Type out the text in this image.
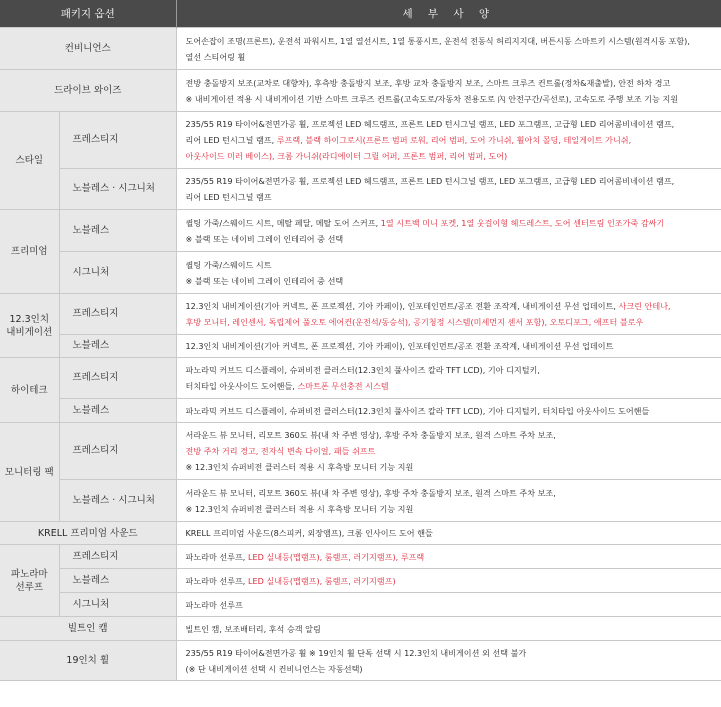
패키지 옵션		세 부 사 양
컨비니언스		도어손잡이 조명(프론트), 운전석 파워시트, 1열 열선시트, 1열 통풍시트, 운전석 전동식 허리지지대, 버튼시동 스마트키 시스템(원격시동 포함),
열선 스티어링 휠

드라이브 와이즈		전방 충돌방지 보조(교차로 대향차), 후측방 충돌방지 보조, 후방 교차 충돌방지 보조, 스마트 크루즈 컨트롤(정차&재출발), 안전 하차 경고
※ 내비게이션 적용 시 내비게이션 기반 스마트 크루즈 컨트롤(고속도로/자동차 전용도로 內 안전구간/곡선로), 고속도로 주행 보조 기능 지원

스타일	프레스티지	235/55 R19 타이어&전면가공 휠, 프로젝션 LED 헤드램프, 프론트 LED 턴시그널 램프, LED 포그램프, 고급형 LED 리어콤비네이션 램프,
리어 LED 턴시그널 램프, 루프랙, 블랙 하이그로시(프론트 범퍼 로워, 리어 범퍼, 도어 가니쉬, 휠아치 몰딩, 테일게이트 가니쉬,
아웃사이드 미러 베이스), 크롬 가니쉬(라디에이터 그릴 어퍼, 프론트 범퍼, 리어 범퍼, 도어)

	노블레스 · 시그니처	235/55 R19 타이어&전면가공 휠, 프로젝션 LED 헤드램프, 프론트 LED 턴시그널 램프, LED 포그램프, 고급형 LED 리어콤비네이션 램프,
리어 LED 턴시그널 램프

프리미엄	노블레스	퀼팅 가죽/스웨이드 시트, 메탈 페달, 메탈 도어 스커프, 1열 시트백 미니 포켓, 1열 웃걸이형 헤드레스트, 도어 센터트림 인조가죽 감싸기
※ 블랙 또는 네이비 그레이 인테리어 중 선택

	시그니처	퀼팅 가죽/스웨이드 시트
※ 블랙 또는 네이비 그레이 인테리어 중 선택

12.3인치
내비게이션	프레스티지	12.3인치 내비게이션(기아 커넥트, 폰 프로젝션, 기아 카페이), 인포테인먼트/공조 전환 조작계, 내비게이션 무선 업데이트, 사크린 안테나,
후방 모니터, 레인센서, 독립제어 풀오토 에어컨(운전석/동승석), 공기청정 시스템(미세먼지 센서 포함), 오토디포그, 애프터 블로우

	노블레스	12.3인치 내비게이션(기아 커넥트, 폰 프로젝션, 기아 카페이), 인포테인먼트/공조 전환 조작계, 내비게이션 무선 업데이트

하이테크	프레스티지	파노라믹 커브드 디스플레이, 슈퍼비전 클러스터(12.3인치 풀사이즈 칼라 TFT LCD), 기아 디지털키,
터치타입 아웃사이드 도어핸들, 스마트폰 무선충전 시스템

	노블레스	파노라믹 커브드 디스플레이, 슈퍼비전 클러스터(12.3인치 풀사이즈 칼라 TFT LCD), 기아 디지털키, 터치타입 아웃사이드 도어핸들

모니터링 팩	프레스티지	서라운드 뷰 모니터, 리모트 360도 뷰(내 차 주변 영상), 후방 주차 충돌방지 보조, 원격 스마트 주차 보조,
전방 주차 거리 경고, 전자식 변속 다이얼, 패들 쉬프트
※ 12.3인치 슈퍼비전 클러스터 적용 시 후측방 모니터 기능 지원

	노블레스 · 시그니처	서라운드 뷰 모니터, 리모트 360도 뷰(내 차 주변 영상), 후방 주차 충돌방지 보조, 원격 스마트 주차 보조,
※ 12.3인치 슈퍼비전 클러스터 적용 시 후측방 모니터 기능 지원

KRELL 프리미엄 사운드		KRELL 프리미엄 사운드(8스피커, 외장앰프), 크롬 인사이드 도어 핸들

파노라마
선루프	프레스티지	파노라마 선루프, LED 실내등(맵램프), 룸램프, 러기지램프), 루프랙

	노블레스	파노라마 선루프, LED 실내등(맵램프), 룸램프, 러기지램프)

	시그니처	파노라마 선루프

빌트인 캠		빌트인 캠, 보조배터리, 후석 승객 알림

19인치 휠		235/55 R19 타이어&전면가공 휠 ※ 19인치 휠 단독 선택 시 12.3인치 내비게이션 외 선택 불가
(※ 단 내비게이션 선택 시 컨비니언스는 자동선택)
